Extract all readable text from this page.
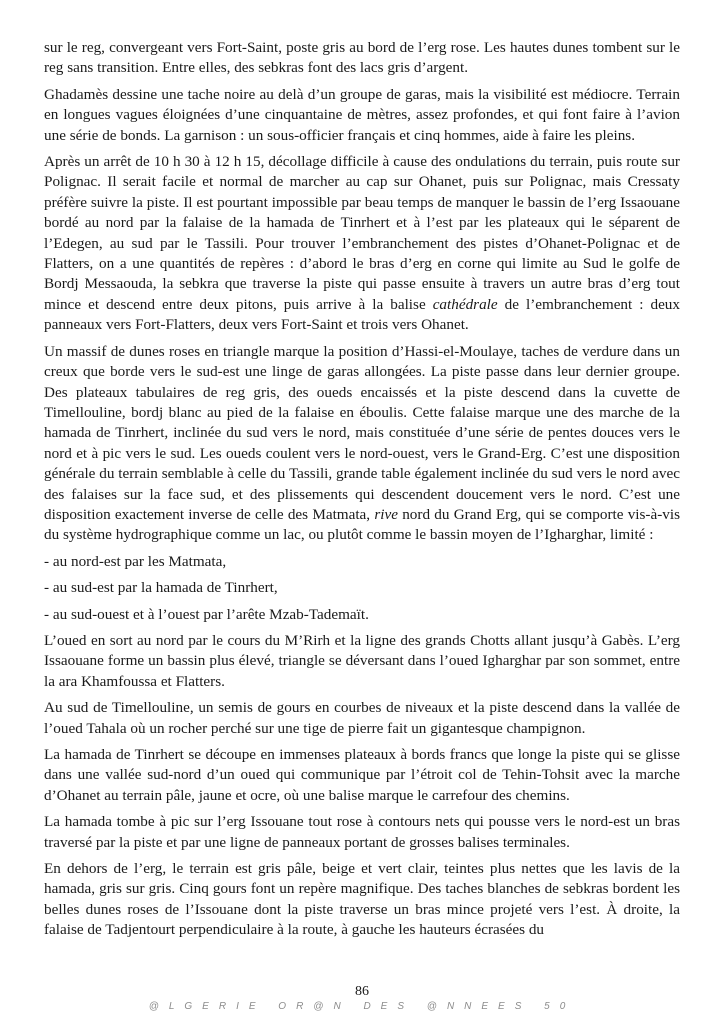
sur le reg, convergeant vers Fort-Saint, poste gris au bord de l’erg rose. Les hautes dunes tombent sur le reg sans transition. Entre elles, des sebkras font des lacs gris d’argent.

Ghadamès dessine une tache noire au delà d’un groupe de garas, mais la visibilité est médiocre. Terrain en longues vagues éloignées d’une cinquantaine de mètres, assez profondes, et qui font faire à l’avion une série de bonds. La garnison : un sous-officier français et cinq hommes, aide à faire les pleins.

Après un arrêt de 10 h 30 à 12 h 15, décollage difficile à cause des ondulations du terrain, puis route sur Polignac. Il serait facile et normal de marcher au cap sur Ohanet, puis sur Polignac, mais Cressaty préfère suivre la piste. Il est pourtant impossible par beau temps de manquer le bassin de l’erg Issaouane bordé au nord par la falaise de la hamada de Tinrhert et à l’est par les plateaux qui le séparent de l’Edegen, au sud par le Tassili. Pour trouver l’embranchement des pistes d’Ohanet-Polignac et de Flatters, on a une quantités de repères : d’abord le bras d’erg en corne qui limite au Sud le golfe de Bordj Messaouda, la sebkra que traverse la piste qui passe ensuite à travers un autre bras d’erg tout mince et descend entre deux pitons, puis arrive à la balise cathédrale de l’embranchement : deux panneaux vers Fort-Flatters, deux vers Fort-Saint et trois vers Ohanet.

Un massif de dunes roses en triangle marque la position d’Hassi-el-Moulaye, taches de verdure dans un creux que borde vers le sud-est une linge de garas allongées. La piste passe dans leur dernier groupe. Des plateaux tabulaires de reg gris, des oueds encaissés et la piste descend dans la cuvette de Timellouline, bordj blanc au pied de la falaise en éboulis. Cette falaise marque une des marche de la hamada de Tinrhert, inclinée du sud vers le nord, mais constituée d’une série de pentes douces vers le nord et à pic vers le sud. Les oueds coulent vers le nord-ouest, vers le Grand-Erg. C’est une disposition générale du terrain semblable à celle du Tassili, grande table également inclinée du sud vers le nord avec des falaises sur la face sud, et des plissements qui descendent doucement vers le nord. C’est une disposition exactement inverse de celle des Matmata, rive nord du Grand Erg, qui se comporte vis-à-vis du système hydrographique comme un lac, ou plutôt comme le bassin moyen de l’Igharghar, limité :

- au nord-est par les Matmata,

- au sud-est par la hamada de Tinrhert,

- au sud-ouest et à l’ouest par l’arête Mzab-Tademaït.

L’oued en sort au nord par le cours du M’Rirh et la ligne des grands Chotts allant jusqu’à Gabès. L’erg Issaouane forme un bassin plus élevé, triangle se déversant dans l’oued Igharghar par son sommet, entre la ara Khamfoussa et Flatters.

Au sud de Timellouline, un semis de gours en courbes de niveaux et la piste descend dans la vallée de l’oued Tahala où un rocher perché sur une tige de pierre fait un gigantesque champignon.

La hamada de Tinrhert se découpe en immenses plateaux à bords francs que longe la piste qui se glisse dans une vallée sud-nord d’un oued qui communique par l’étroit col de Tehin-Tohsit avec la marche d’Ohanet au terrain pâle, jaune et ocre, où une balise marque le carrefour des chemins.

La hamada tombe à pic sur l’erg Issouane tout rose à contours nets qui pousse vers le nord-est un bras traversé par la piste et par une ligne de panneaux portant de grosses balises terminales.

En dehors de l’erg, le terrain est gris pâle, beige et vert clair, teintes plus nettes que les lavis de la hamada, gris sur gris. Cinq gours font un repère magnifique. Des taches blanches de sebkras bordent les belles dunes roses de l’Issouane dont la piste traverse un bras mince projeté vers l’est. À droite, la falaise de Tadjentourt perpendiculaire à la route, à gauche les hauteurs écrasées du

86
@LGERIE OR@N DES @NNEES 50
